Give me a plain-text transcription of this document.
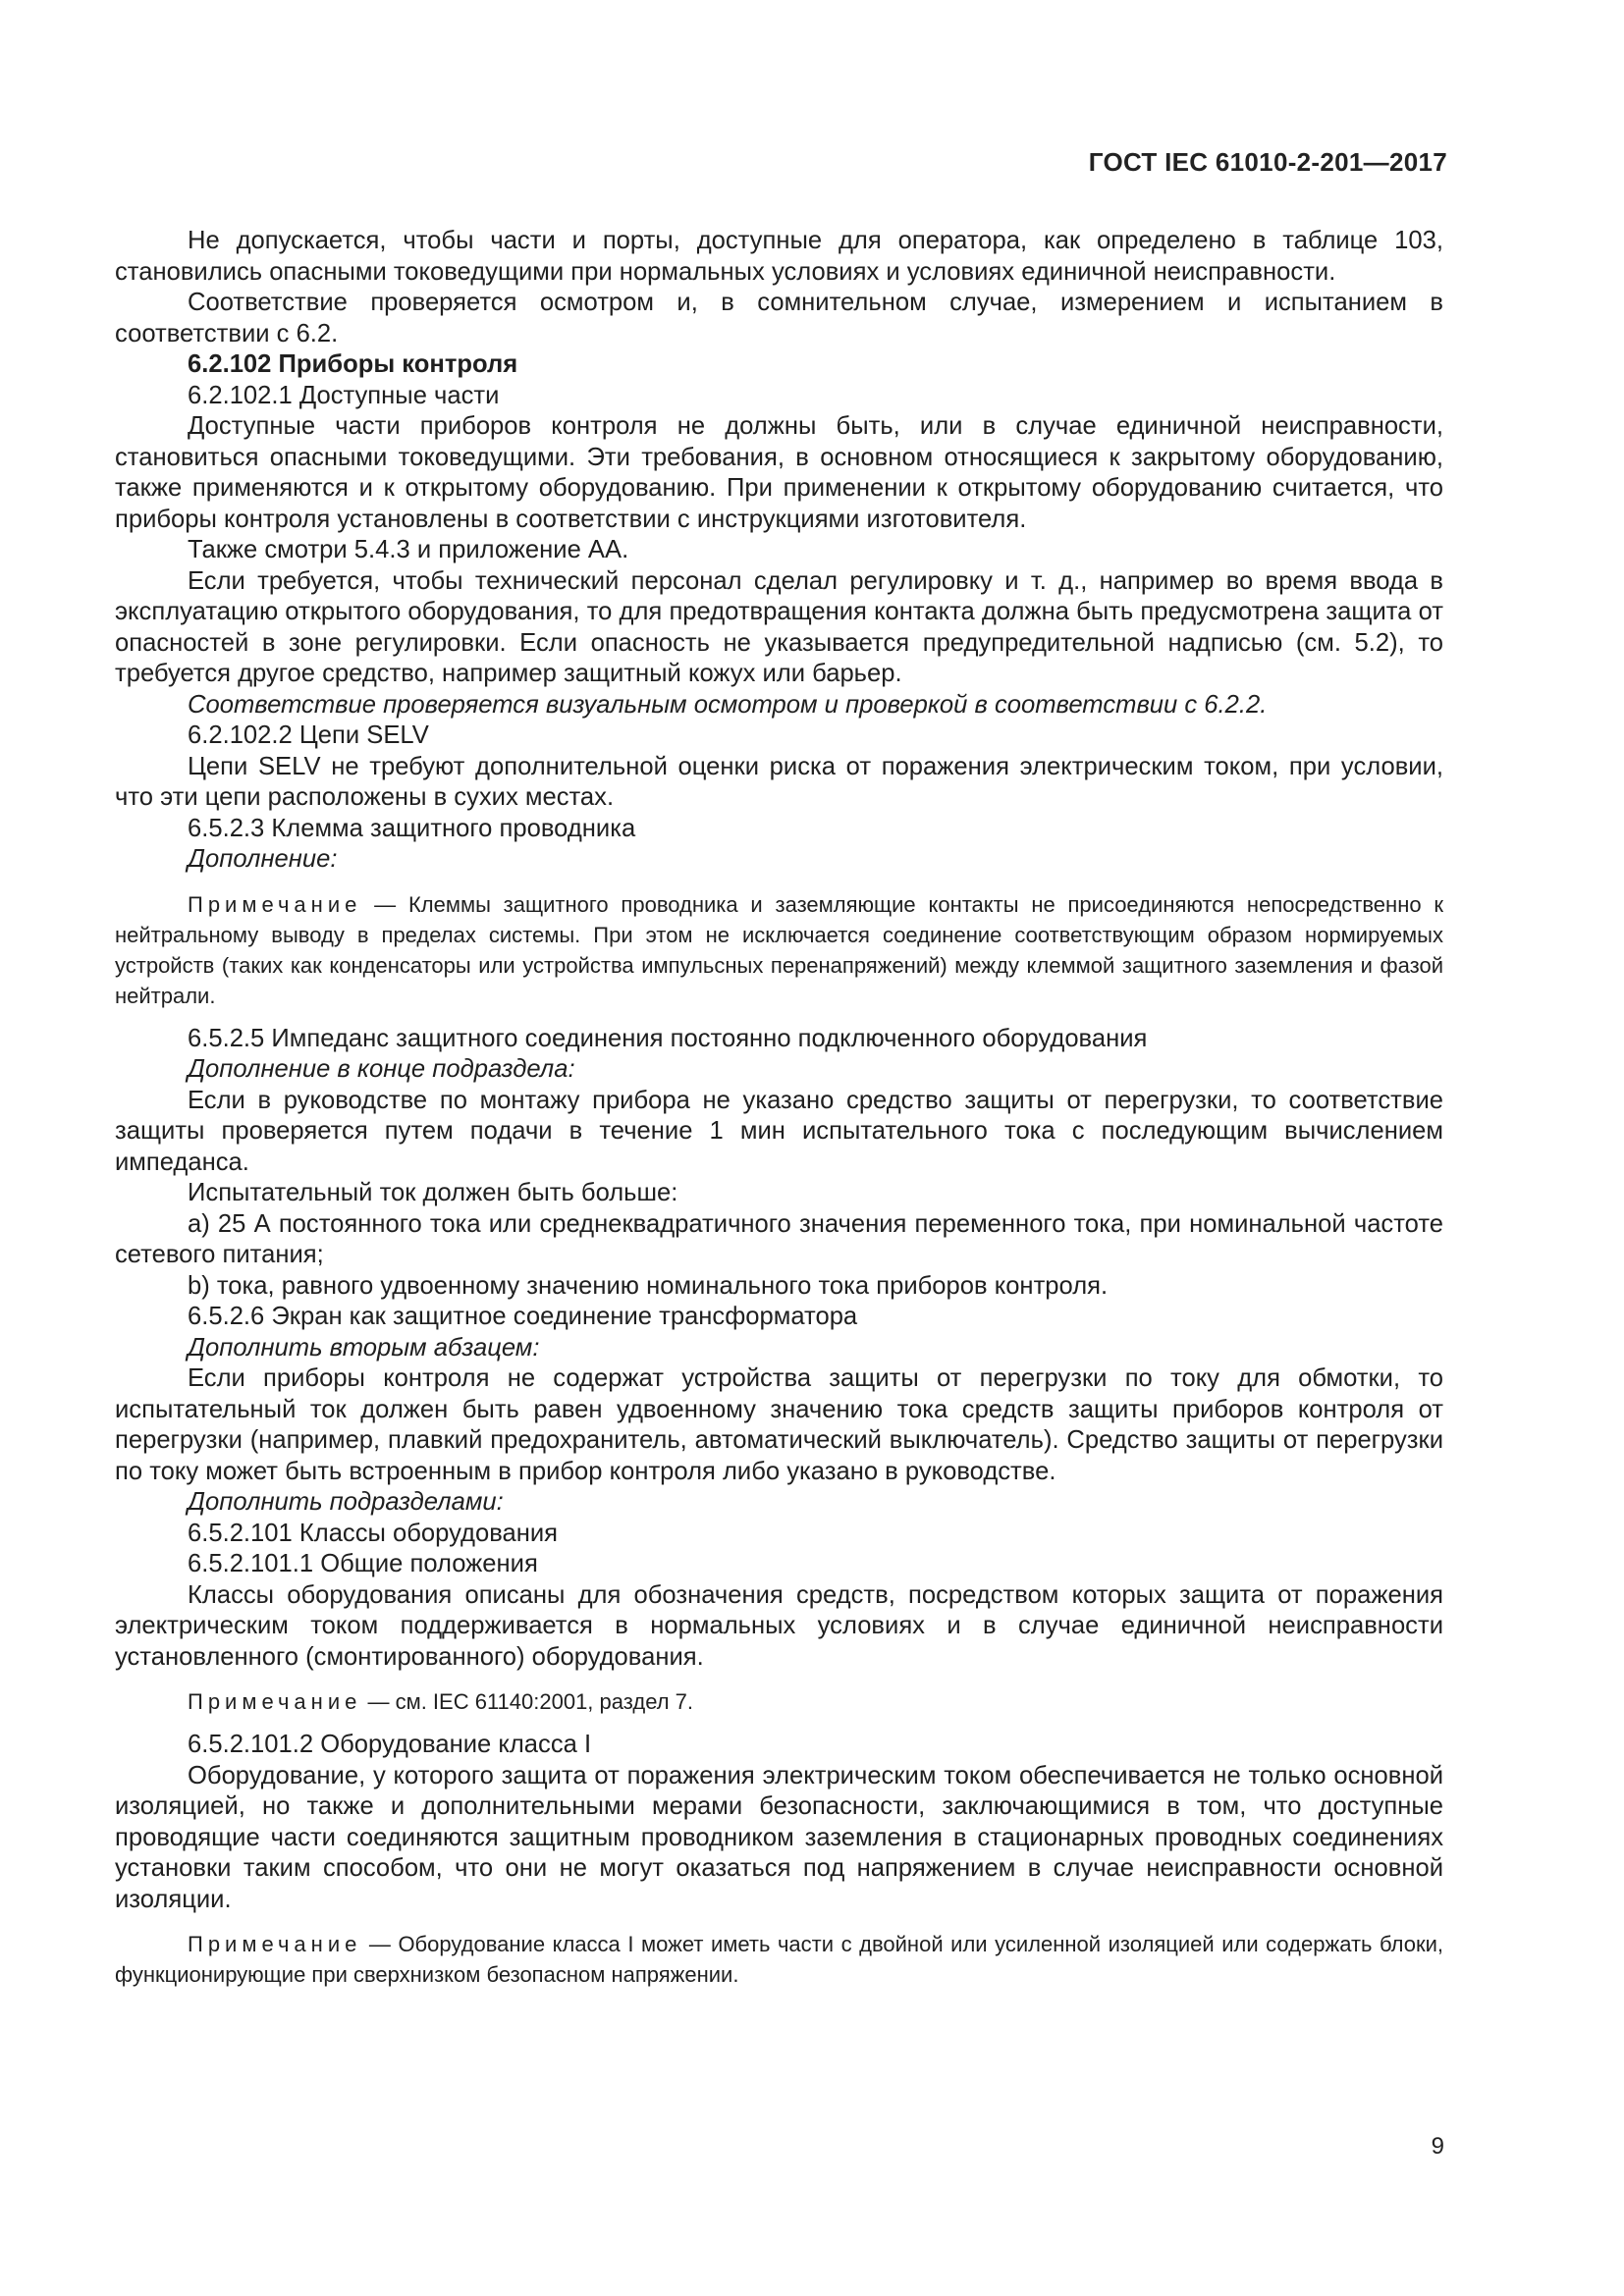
ГОСТ IEC 61010-2-201—2017

Не допускается, чтобы части и порты, доступные для оператора, как определено в таблице 103, становились опасными токоведущими при нормальных условиях и условиях единичной неисправности.

Соответствие проверяется осмотром и, в сомнительном случае, измерением и испытанием в соответствии с 6.2.

6.2.102 Приборы контроля

6.2.102.1 Доступные части

Доступные части приборов контроля не должны быть, или в случае единичной неисправности, становиться опасными токоведущими. Эти требования, в основном относящиеся к закрытому оборудованию, также применяются и к открытому оборудованию. При применении к открытому оборудованию считается, что приборы контроля установлены в соответствии с инструкциями изготовителя.

Также смотри 5.4.3 и приложение АА.

Если требуется, чтобы технический персонал сделал регулировку и т. д., например во время ввода в эксплуатацию открытого оборудования, то для предотвращения контакта должна быть предусмотрена защита от опасностей в зоне регулировки. Если опасность не указывается предупредительной надписью (см. 5.2), то требуется другое средство, например защитный кожух или барьер.

Соответствие проверяется визуальным осмотром и проверкой в соответствии с 6.2.2.

6.2.102.2 Цепи SELV

Цепи SELV не требуют дополнительной оценки риска от поражения электрическим током, при условии, что эти цепи расположены в сухих местах.

6.5.2.3 Клемма защитного проводника

Дополнение:

Примечание — Клеммы защитного проводника и заземляющие контакты не присоединяются непосредственно к нейтральному выводу в пределах системы. При этом не исключается соединение соответствующим образом нормируемых устройств (таких как конденсаторы или устройства импульсных перенапряжений) между клеммой защитного заземления и фазой нейтрали.

6.5.2.5 Импеданс защитного соединения постоянно подключенного оборудования

Дополнение в конце подраздела:

Если в руководстве по монтажу прибора не указано средство защиты от перегрузки, то соответствие защиты проверяется путем подачи в течение 1 мин испытательного тока с последующим вычислением импеданса.

Испытательный ток должен быть больше:

a) 25 А постоянного тока или среднеквадратичного значения переменного тока, при номинальной частоте сетевого питания;

b) тока, равного удвоенному значению номинального тока приборов контроля.

6.5.2.6 Экран как защитное соединение трансформатора

Дополнить вторым абзацем:

Если приборы контроля не содержат устройства защиты от перегрузки по току для обмотки, то испытательный ток должен быть равен удвоенному значению тока средств защиты приборов контроля от перегрузки (например, плавкий предохранитель, автоматический выключатель). Средство защиты от перегрузки по току может быть встроенным в прибор контроля либо указано в руководстве.

Дополнить подразделами:

6.5.2.101 Классы оборудования

6.5.2.101.1 Общие положения

Классы оборудования описаны для обозначения средств, посредством которых защита от поражения электрическим током поддерживается в нормальных условиях и в случае единичной неисправности установленного (смонтированного) оборудования.

Примечание — см. IEC 61140:2001, раздел 7.

6.5.2.101.2 Оборудование класса I

Оборудование, у которого защита от поражения электрическим током обеспечивается не только основной изоляцией, но также и дополнительными мерами безопасности, заключающимися в том, что доступные проводящие части соединяются защитным проводником заземления в стационарных проводных соединениях установки таким способом, что они не могут оказаться под напряжением в случае неисправности основной изоляции.

Примечание — Оборудование класса I может иметь части с двойной или усиленной изоляцией или содержать блоки, функционирующие при сверхнизком безопасном напряжении.

9
